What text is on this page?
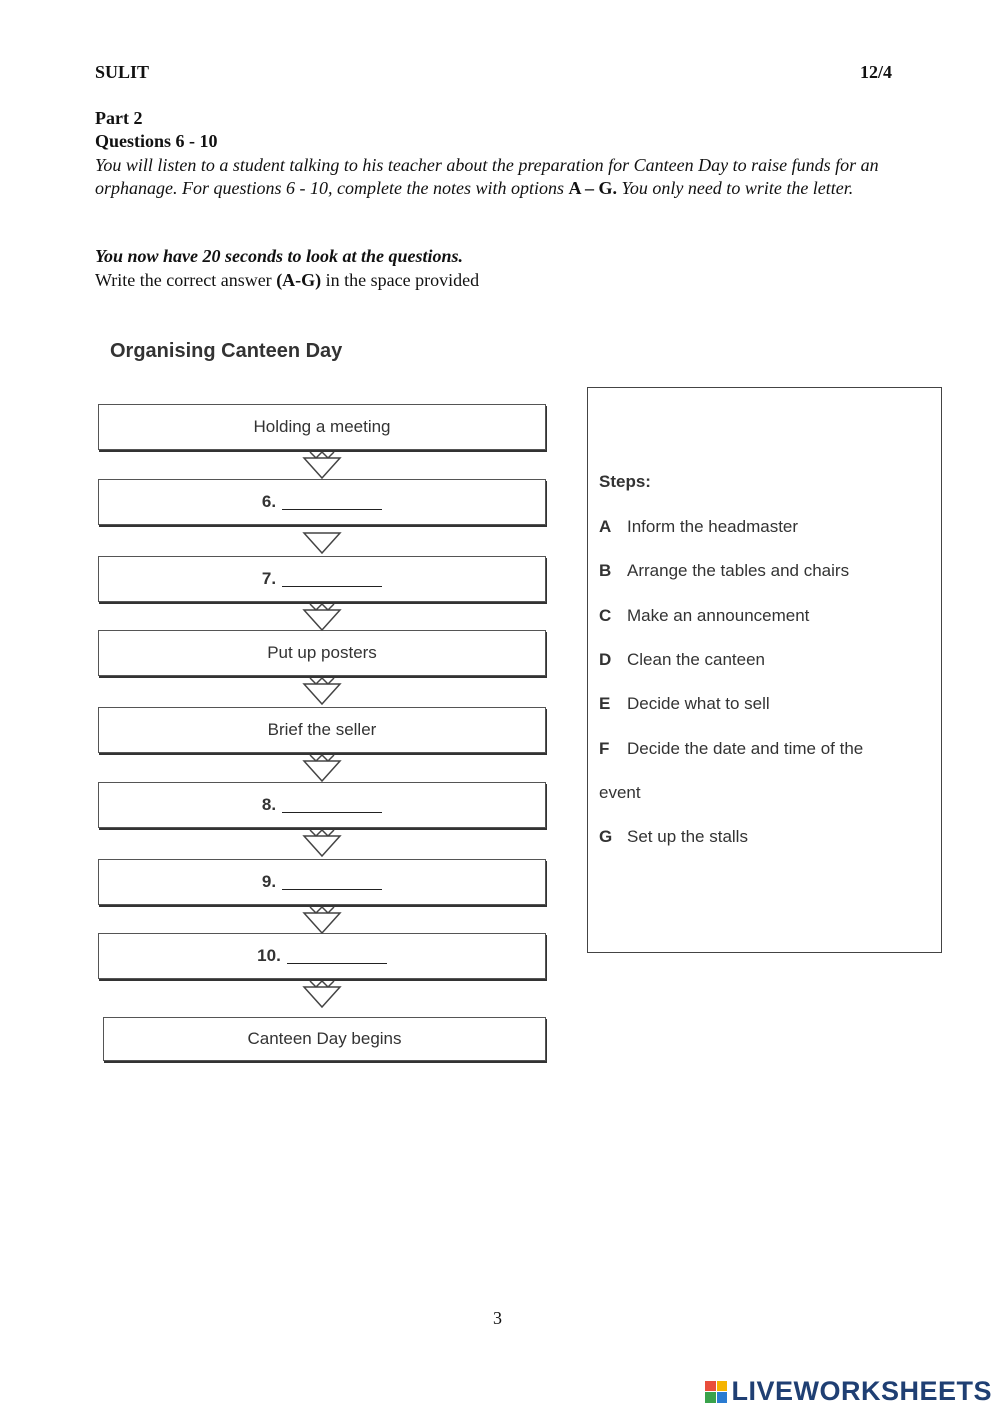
SULIT	12/4
Part 2
Questions 6 - 10
You will listen to a student talking to his teacher about the preparation for Canteen Day to raise funds for an orphanage. For questions 6 - 10, complete the notes with options A – G. You only need to write the letter.
You now have 20 seconds to look at the questions.
Write the correct answer (A-G) in the space provided
Organising Canteen Day
Holding a meeting
6.
7.
Put up posters
Brief the seller
8.
9.
10.
Canteen Day begins
Steps:
A Inform the headmaster
B Arrange the tables and chairs
C Make an announcement
D Clean the canteen
E Decide what to sell
F Decide the date and time of the
event
G Set up the stalls
3
LIVEWORKSHEETS
